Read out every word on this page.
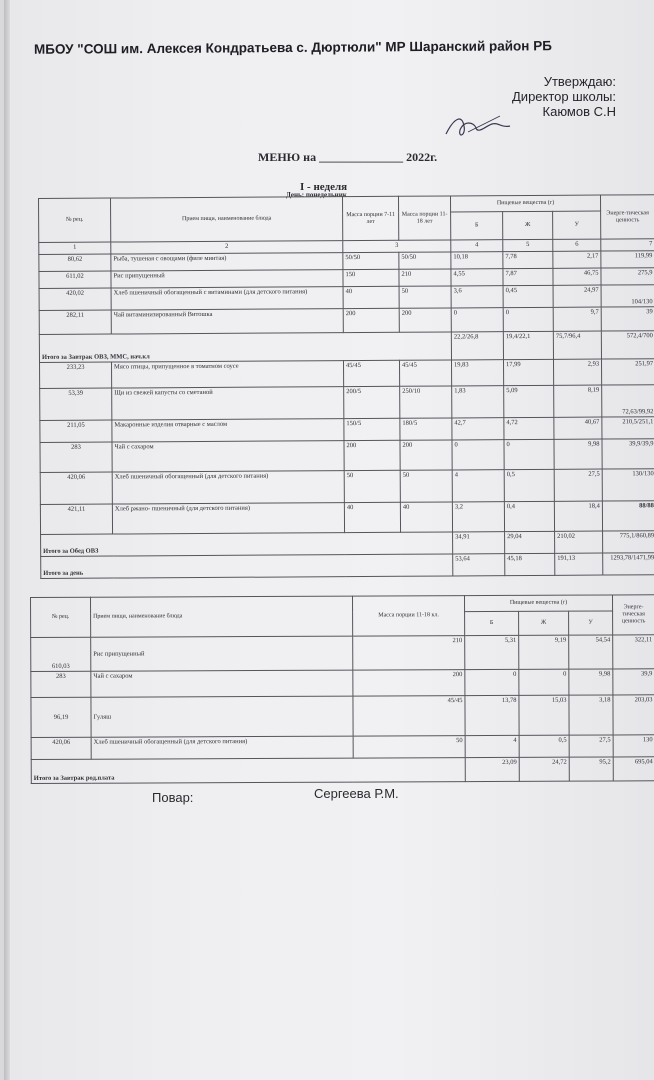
МБОУ "СОШ им. Алексея Кондратьева с. Дюртюли" МР Шаранский район РБ
Утверждаю:
Директор школы:
Каюмов С.Н
МЕНЮ на ______________ 2022г.
I - неделя
День: понедельник
№ рец.	Прием пищи, наименование блюда	Масса порции 7-11 лет	Масса порции 11-18 лет	Пищевые вещества (г)			Энерге-тическая ценность
				Б	Ж	У	
1	2	3		4	5	6	7
80,62	Рыба, тушеная с овощами (филе минтая)	50/50	50/50	10,18	7,78	2,17	119,99
611,02	Рис припущенный	150	210	4,55	7,87	46,75	275,9
420,02	Хлеб пшеничный обогащенный с витаминами (для детского питания)	40	50	3,6	0,45	24,97	104/130
282,11	Чай витаминизированный Витошка	200	200	0	0	9,7	39
Итого за Завтрак ОВЗ, ММС, нач.кл				22,2/26,8	19,4/22,1	75,7/96,4	572,4/700
233,23	Мясо птицы, припущенное в томатном соусе	45/45	45/45	19,83	17,99	2,93	251,97
53,39	Щи из свежей капусты со сметаной	200/5	250/10	1,83	5,09	8,19	72,63/99,92
211,05	Макаронные изделия отварные с маслом	150/5	180/5	42,7	4,72	40,67	210,5/251,1
283	Чай с сахаром	200	200	0	0	9,98	39,9/39,9
420,06	Хлеб пшеничный обогащенный (для детского питания)	50	50	4	0,5	27,5	130/130
421,11	Хлеб ржано- пшеничный (для детского питания)	40	40	3,2	0,4	18,4	88/88
Итого за Обед ОВЗ				34,91	29,04	210,02	775,1/860,89
Итого за день				53,64	45,18	191,13	1293,78/1471,99
№ рец.	Прием пищи, наименование блюда	Масса порции 11-18 кл.	Пищевые вещества (г)			Энерге-тическая ценность
			Б	Ж	У	
610,03	Рис припущенный	210	5,31	9,19	54,54	322,11
283	Чай с сахаром	200	0	0	9,98	39,9
96,19	Гуляш	45/45	13,78	15,03	3,18	203,03
420,06	Хлеб пшеничный обогащенный (для детского питания)	50	4	0,5	27,5	130
Итого за Завтрак род.плата			23,09	24,72	95,2	695,04
Повар:	Сергеева Р.М.
